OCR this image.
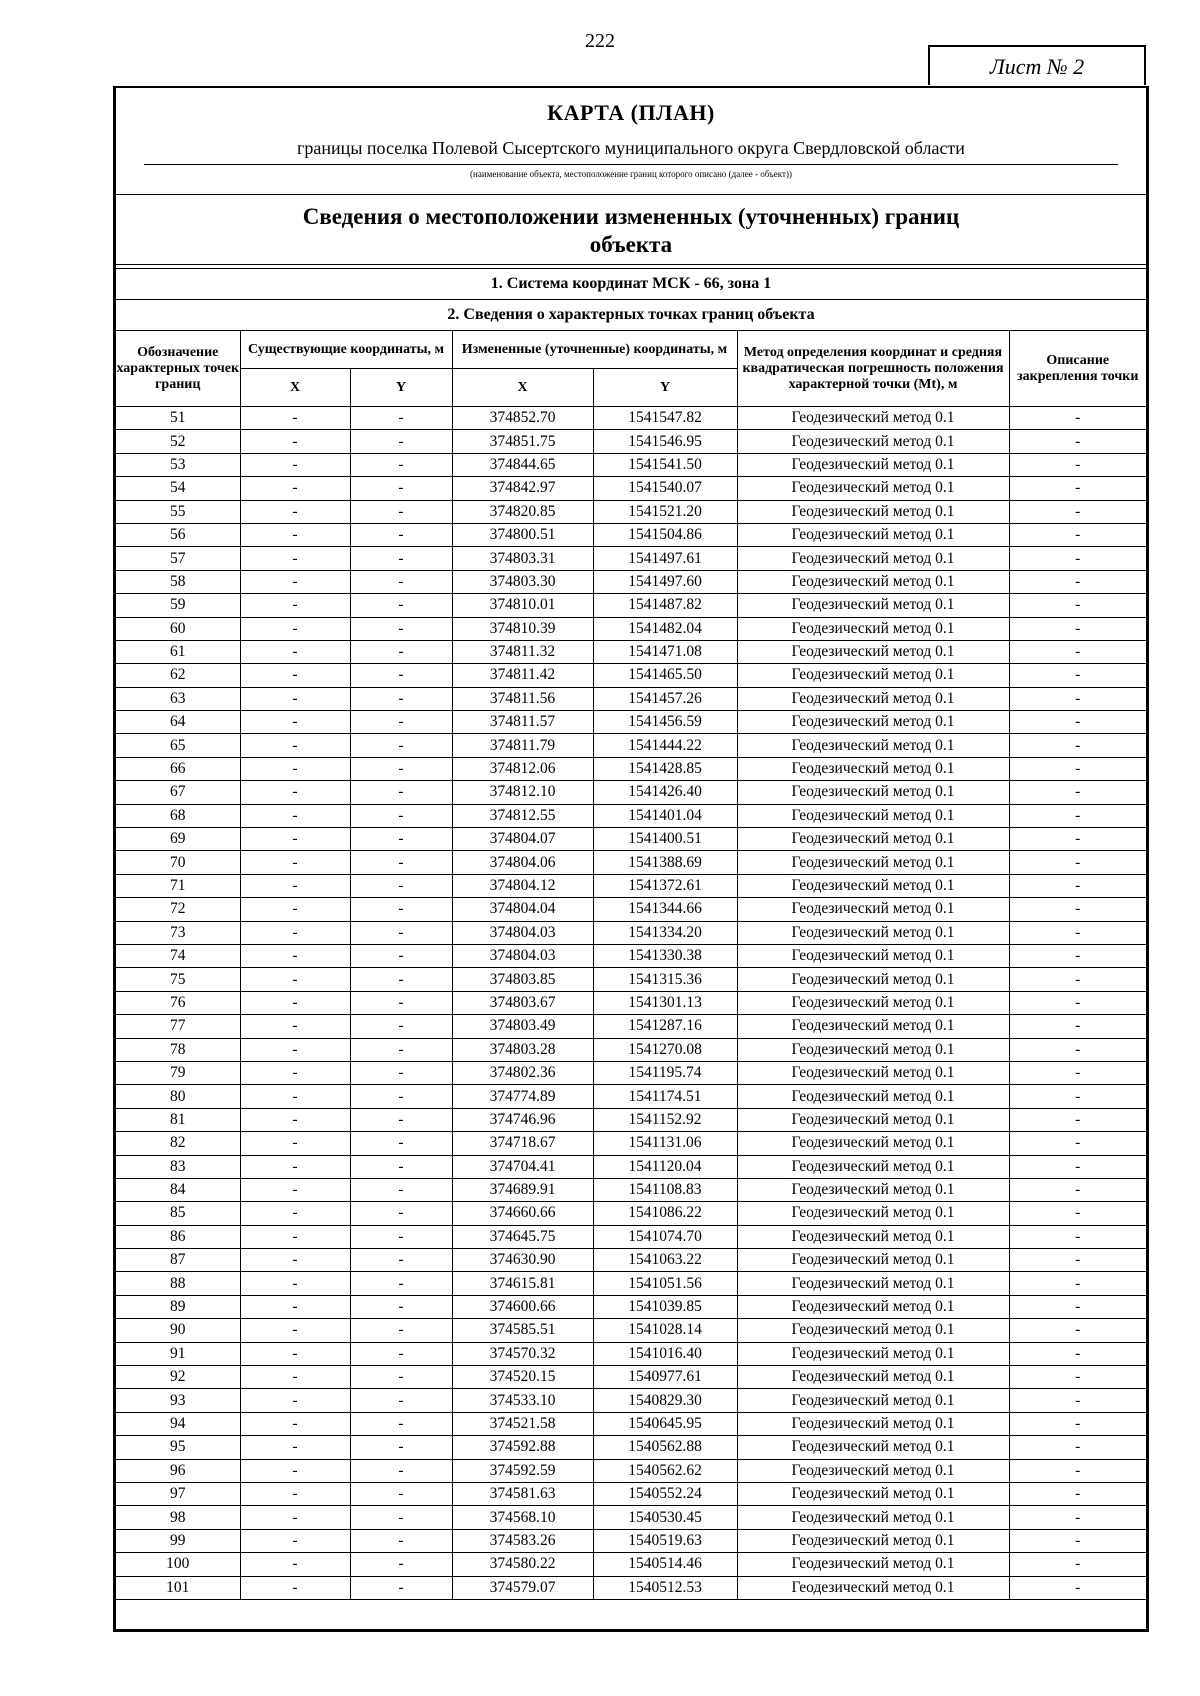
222
Лист № 2
КАРТА (ПЛАН)
границы поселка Полевой Сысертского муниципального округа Свердловской области
(наименование объекта, местоположение границ которого описано (далее - объект))
Сведения о местоположении измененных (уточненных) границ
объекта
1. Система координат МСК - 66, зона 1						
2. Сведения о характерных точках границ объекта						
Обозначение характерных точек границ	Существующие координаты, м		Измененные (уточненные) координаты, м		Метод определения координат и средняя квадратическая погрешность положения характерной точки (Mt), м	Описание закрепления точки
	X	Y	X	Y		
51	-	-	374852.70	1541547.82	Геодезический метод 0.1	-
52	-	-	374851.75	1541546.95	Геодезический метод 0.1	-
53	-	-	374844.65	1541541.50	Геодезический метод 0.1	-
54	-	-	374842.97	1541540.07	Геодезический метод 0.1	-
55	-	-	374820.85	1541521.20	Геодезический метод 0.1	-
56	-	-	374800.51	1541504.86	Геодезический метод 0.1	-
57	-	-	374803.31	1541497.61	Геодезический метод 0.1	-
58	-	-	374803.30	1541497.60	Геодезический метод 0.1	-
59	-	-	374810.01	1541487.82	Геодезический метод 0.1	-
60	-	-	374810.39	1541482.04	Геодезический метод 0.1	-
61	-	-	374811.32	1541471.08	Геодезический метод 0.1	-
62	-	-	374811.42	1541465.50	Геодезический метод 0.1	-
63	-	-	374811.56	1541457.26	Геодезический метод 0.1	-
64	-	-	374811.57	1541456.59	Геодезический метод 0.1	-
65	-	-	374811.79	1541444.22	Геодезический метод 0.1	-
66	-	-	374812.06	1541428.85	Геодезический метод 0.1	-
67	-	-	374812.10	1541426.40	Геодезический метод 0.1	-
68	-	-	374812.55	1541401.04	Геодезический метод 0.1	-
69	-	-	374804.07	1541400.51	Геодезический метод 0.1	-
70	-	-	374804.06	1541388.69	Геодезический метод 0.1	-
71	-	-	374804.12	1541372.61	Геодезический метод 0.1	-
72	-	-	374804.04	1541344.66	Геодезический метод 0.1	-
73	-	-	374804.03	1541334.20	Геодезический метод 0.1	-
74	-	-	374804.03	1541330.38	Геодезический метод 0.1	-
75	-	-	374803.85	1541315.36	Геодезический метод 0.1	-
76	-	-	374803.67	1541301.13	Геодезический метод 0.1	-
77	-	-	374803.49	1541287.16	Геодезический метод 0.1	-
78	-	-	374803.28	1541270.08	Геодезический метод 0.1	-
79	-	-	374802.36	1541195.74	Геодезический метод 0.1	-
80	-	-	374774.89	1541174.51	Геодезический метод 0.1	-
81	-	-	374746.96	1541152.92	Геодезический метод 0.1	-
82	-	-	374718.67	1541131.06	Геодезический метод 0.1	-
83	-	-	374704.41	1541120.04	Геодезический метод 0.1	-
84	-	-	374689.91	1541108.83	Геодезический метод 0.1	-
85	-	-	374660.66	1541086.22	Геодезический метод 0.1	-
86	-	-	374645.75	1541074.70	Геодезический метод 0.1	-
87	-	-	374630.90	1541063.22	Геодезический метод 0.1	-
88	-	-	374615.81	1541051.56	Геодезический метод 0.1	-
89	-	-	374600.66	1541039.85	Геодезический метод 0.1	-
90	-	-	374585.51	1541028.14	Геодезический метод 0.1	-
91	-	-	374570.32	1541016.40	Геодезический метод 0.1	-
92	-	-	374520.15	1540977.61	Геодезический метод 0.1	-
93	-	-	374533.10	1540829.30	Геодезический метод 0.1	-
94	-	-	374521.58	1540645.95	Геодезический метод 0.1	-
95	-	-	374592.88	1540562.88	Геодезический метод 0.1	-
96	-	-	374592.59	1540562.62	Геодезический метод 0.1	-
97	-	-	374581.63	1540552.24	Геодезический метод 0.1	-
98	-	-	374568.10	1540530.45	Геодезический метод 0.1	-
99	-	-	374583.26	1540519.63	Геодезический метод 0.1	-
100	-	-	374580.22	1540514.46	Геодезический метод 0.1	-
101	-	-	374579.07	1540512.53	Геодезический метод 0.1	-
